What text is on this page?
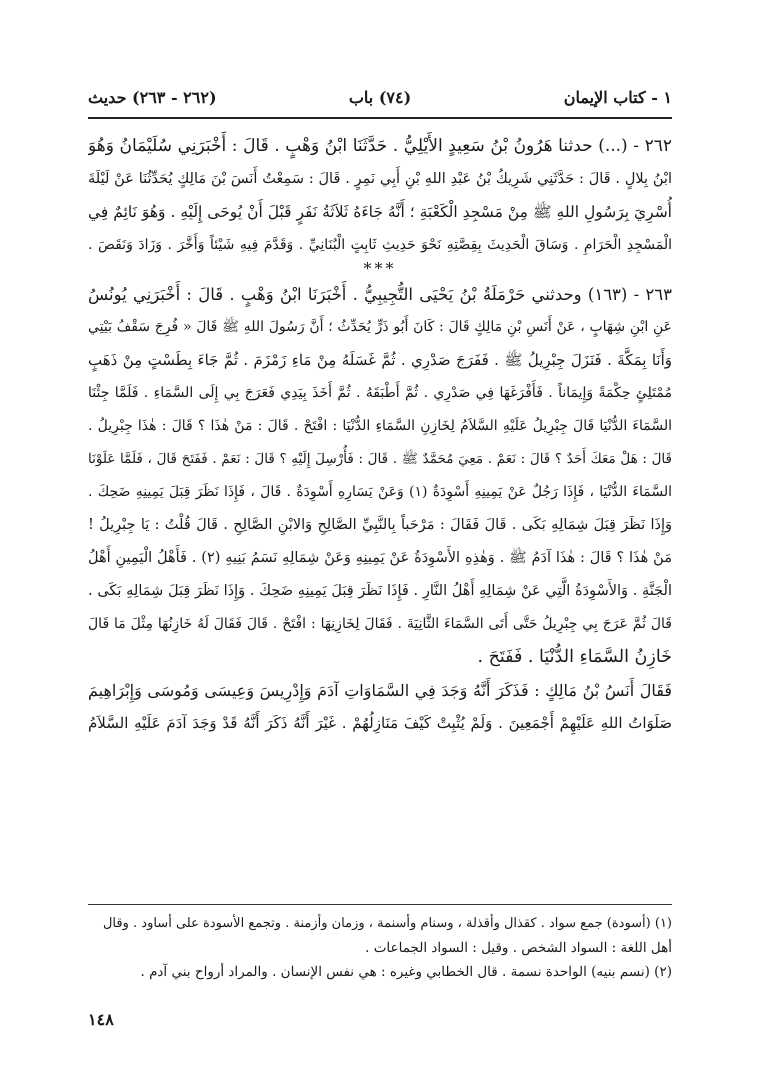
١ - كتاب الإيمان
(٧٤) باب
(٢٦٢ - ٢٦٣) حديث
٢٦٢ - (...) حدثنا هَرُونُ بْنُ سَعِيدٍ الأَيْلِيُّ . حَدَّثَنَا ابْنُ وَهْبٍ . قَالَ : أَخْبَرَنِي سُلَيْمَانُ وَهُوَ
ابْنُ بِلالٍ . قَالَ : حَدَّثَنِي شَرِيكُ بْنُ عَبْدِ اللهِ بْنِ أَبِي نَمِرٍ . قَالَ : سَمِعْتُ أَنَسَ بْنَ مَالِكٍ يُحَدِّثُنَا عَنْ لَيْلَةَ
أُسْرِيَ بِرَسُولِ اللهِ ﷺ مِنْ مَسْجِدِ الْكَعْبَةِ ؛ أَنَّهُ جَاءَهُ ثَلاَثَةُ نَفَرٍ قَبْلَ أَنْ يُوحَى إِلَيْهِ . وَهُوَ نَائِمٌ فِي
الْمَسْجِدِ الْحَرَامِ . وَسَاقَ الْحَدِيثَ بِقِصَّتِهِ نَحْوَ حَدِيثِ ثَابِتٍ الْبُنَانِيِّ . وَقَدَّمَ فِيهِ شَيْئاً وَأَخَّرَ . وَزَادَ وَنَقَصَ .
***
٢٦٣ - (١٦٣) وحدثني حَرْمَلَةُ بْنُ يَحْيَى التُّجِيبِيُّ . أَخْبَرَنَا ابْنُ وَهْبٍ . قَالَ : أَخْبَرَنِي يُونُسُ
عَنِ ابْنِ شِهَابٍ ، عَنْ أَنَسِ بْنِ مَالِكٍ قَالَ : كَانَ أَبُو ذَرٍّ يُحَدِّثُ ؛ أَنَّ رَسُولَ اللهِ ﷺ قَالَ « فُرِجَ سَقْفُ بَيْتِي
وَأَنَا بِمَكَّةَ . فَنَزَلَ جِبْرِيلُ ﷺ . فَفَرَجَ صَدْرِي . ثُمَّ غَسَلَهُ مِنْ مَاءِ زَمْزَمَ . ثُمَّ جَاءَ بِطَسْتٍ مِنْ ذَهَبٍ
مُمْتَلِئٍ حِكْمَةً وَإِيمَاناً . فَأَفْرَغَهَا فِي صَدْرِي . ثُمَّ أَطْبَقَهُ . ثُمَّ أَخَذَ بِيَدِي فَعَرَجَ بِي إِلَى السَّمَاءِ . فَلَمَّا جِئْنَا
السَّمَاءَ الدُّنْيَا قَالَ جِبْرِيلُ عَلَيْهِ السَّلاَمُ لِخَازِنِ السَّمَاءِ الدُّنْيَا : افْتَحْ . قَالَ : مَنْ هٰذَا ؟ قَالَ : هٰذَا جِبْرِيلُ .
قَالَ : هَلْ مَعَكَ أَحَدٌ ؟ قَالَ : نَعَمْ . مَعِيَ مُحَمَّدٌ ﷺ . قَالَ : فَأُرْسِلَ إِلَيْهِ ؟ قَالَ : نَعَمْ . فَفَتَحَ قَالَ ، فَلَمَّا عَلَوْنَا
السَّمَاءَ الدُّنْيَا ، فَإِذَا رَجُلٌ عَنْ يَمِينِهِ أَسْوِدَةٌ (١) وَعَنْ يَسَارِهِ أَسْوِدَةٌ . قَالَ ، فَإِذَا نَظَرَ قِبَلَ يَمِينِهِ ضَحِكَ .
وَإِذَا نَظَرَ قِبَلَ شِمَالِهِ بَكَى . قَالَ فَقَالَ : مَرْحَباً بِالنَّبِيِّ الصَّالِحِ وَالابْنِ الصَّالِحِ . قَالَ قُلْتُ : يَا جِبْرِيلُ !
مَنْ هٰذَا ؟ قَالَ : هٰذَا آدَمُ ﷺ . وَهٰذِهِ الأَسْوِدَةُ عَنْ يَمِينِهِ وَعَنْ شِمَالِهِ نَسَمُ بَنِيهِ (٢) . فَأَهْلُ الْيَمِينِ أَهْلُ
الْجَنَّةِ . وَالأَسْوِدَةُ الَّتِي عَنْ شِمَالِهِ أَهْلُ النَّارِ . فَإِذَا نَظَرَ قِبَلَ يَمِينِهِ ضَحِكَ . وَإِذَا نَظَرَ قِبَلَ شِمَالِهِ بَكَى .
قَالَ ثُمَّ عَرَجَ بِي جِبْرِيلُ حَتَّى أَتَى السَّمَاءَ الثَّانِيَةَ . فَقَالَ لِخَازِنِهَا : افْتَحْ . قَالَ فَقَالَ لَهُ خَازِنُهَا مِثْلَ مَا قَالَ
خَازِنُ السَّمَاءِ الدُّنْيَا . فَفَتَحَ .
فَقَالَ أَنَسُ بْنُ مَالِكٍ : فَذَكَرَ أَنَّهُ وَجَدَ فِي السَّمَاوَاتِ آدَمَ وَإِدْرِيسَ وَعِيسَى وَمُوسَى وَإِبْرَاهِيمَ
صَلَوَاتُ اللهِ عَلَيْهِمْ أَجْمَعِينَ . وَلَمْ يُثْبِتْ كَيْفَ مَنَازِلُهُمْ . غَيْرَ أَنَّهُ ذَكَرَ أَنَّهُ قَدْ وَجَدَ آدَمَ عَلَيْهِ السَّلاَمُ
(١) (أسودة) جمع سواد . كقذال وأقذلة ، وسنام وأسنمة ، وزمان وأزمنة . وتجمع الأسودة على أساود . وقال
أهل اللغة : السواد الشخص . وقيل : السواد الجماعات .
(٢) (نسم بنيه) الواحدة نسمة . قال الخطابي وغيره : هي نفس الإنسان . والمراد أرواح بني آدم .
١٤٨
